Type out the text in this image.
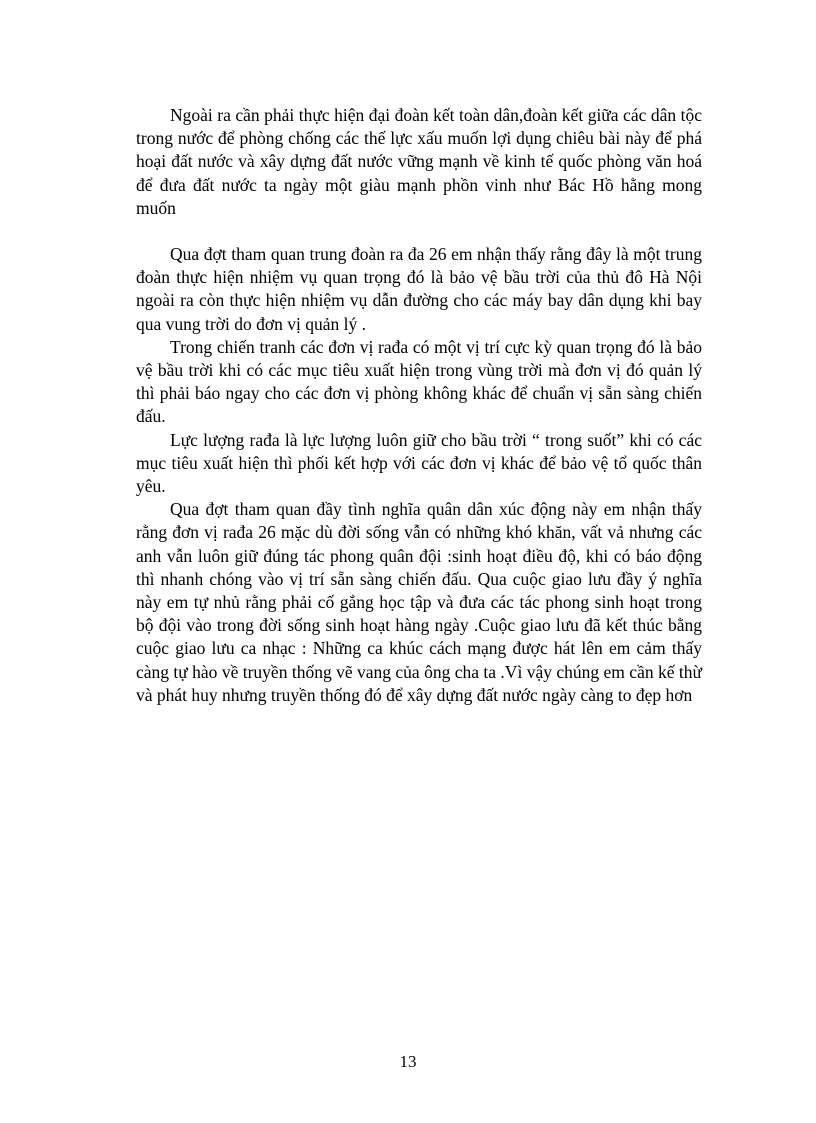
Ngoài ra cần phải thực hiện đại đoàn kết toàn dân,đoàn kết giữa các dân tộc trong nước để phòng chống các thế lực xấu muốn lợi dụng chiêu bài này để phá hoại đất nước và xây dựng đất nước vững mạnh về kinh tế quốc phòng văn hoá để đưa đất nước ta ngày một giàu mạnh phồn vinh như Bác Hồ hằng mong muốn

Qua đợt tham quan trung đoàn ra đa 26 em nhận thấy rằng đây là một trung đoàn thực hiện nhiệm vụ quan trọng đó là bảo vệ bầu trời của thủ đô Hà Nội ngoài ra còn thực hiện nhiệm vụ dẫn đường cho các máy bay dân dụng khi bay qua vung trời do đơn vị quản lý .

Trong chiến tranh các đơn vị rađa có một vị trí cực kỳ quan trọng đó là bảo vệ bầu trời khi có các mục tiêu xuất hiện trong vùng trời mà đơn vị đó quản lý thì phải báo ngay cho các đơn vị phòng không khác để chuẩn vị sẵn sàng chiến đấu.

Lực lượng rađa là lực lượng luôn giữ cho bầu trời “ trong suốt” khi có các mục tiêu xuất hiện thì phối kết hợp với các đơn vị khác để bảo vệ tổ quốc thân yêu.

Qua đợt tham quan đầy tình nghĩa quân dân xúc động này em nhận thấy rằng đơn vị rađa 26 mặc dù đời sống vẫn có những khó khăn, vất vả nhưng các anh vẫn luôn giữ đúng tác phong quân đội :sinh hoạt điều độ, khi có báo động thì nhanh chóng vào vị trí sẵn sàng chiến đấu. Qua cuộc giao lưu đầy ý nghĩa này em tự nhủ rằng phải cố gắng học tập và đưa các tác phong sinh hoạt trong bộ đội vào trong đời sống sinh hoạt hàng ngày .Cuộc giao lưu đã kết thúc bằng cuộc giao lưu ca nhạc : Những ca khúc cách mạng được hát lên em cảm thấy càng tự hào về truyền thống vẽ vang của ông cha ta .Vì vậy chúng em cần kế thừ và phát huy nhưng truyền thống đó để xây dựng đất nước ngày càng to đẹp hơn

13
